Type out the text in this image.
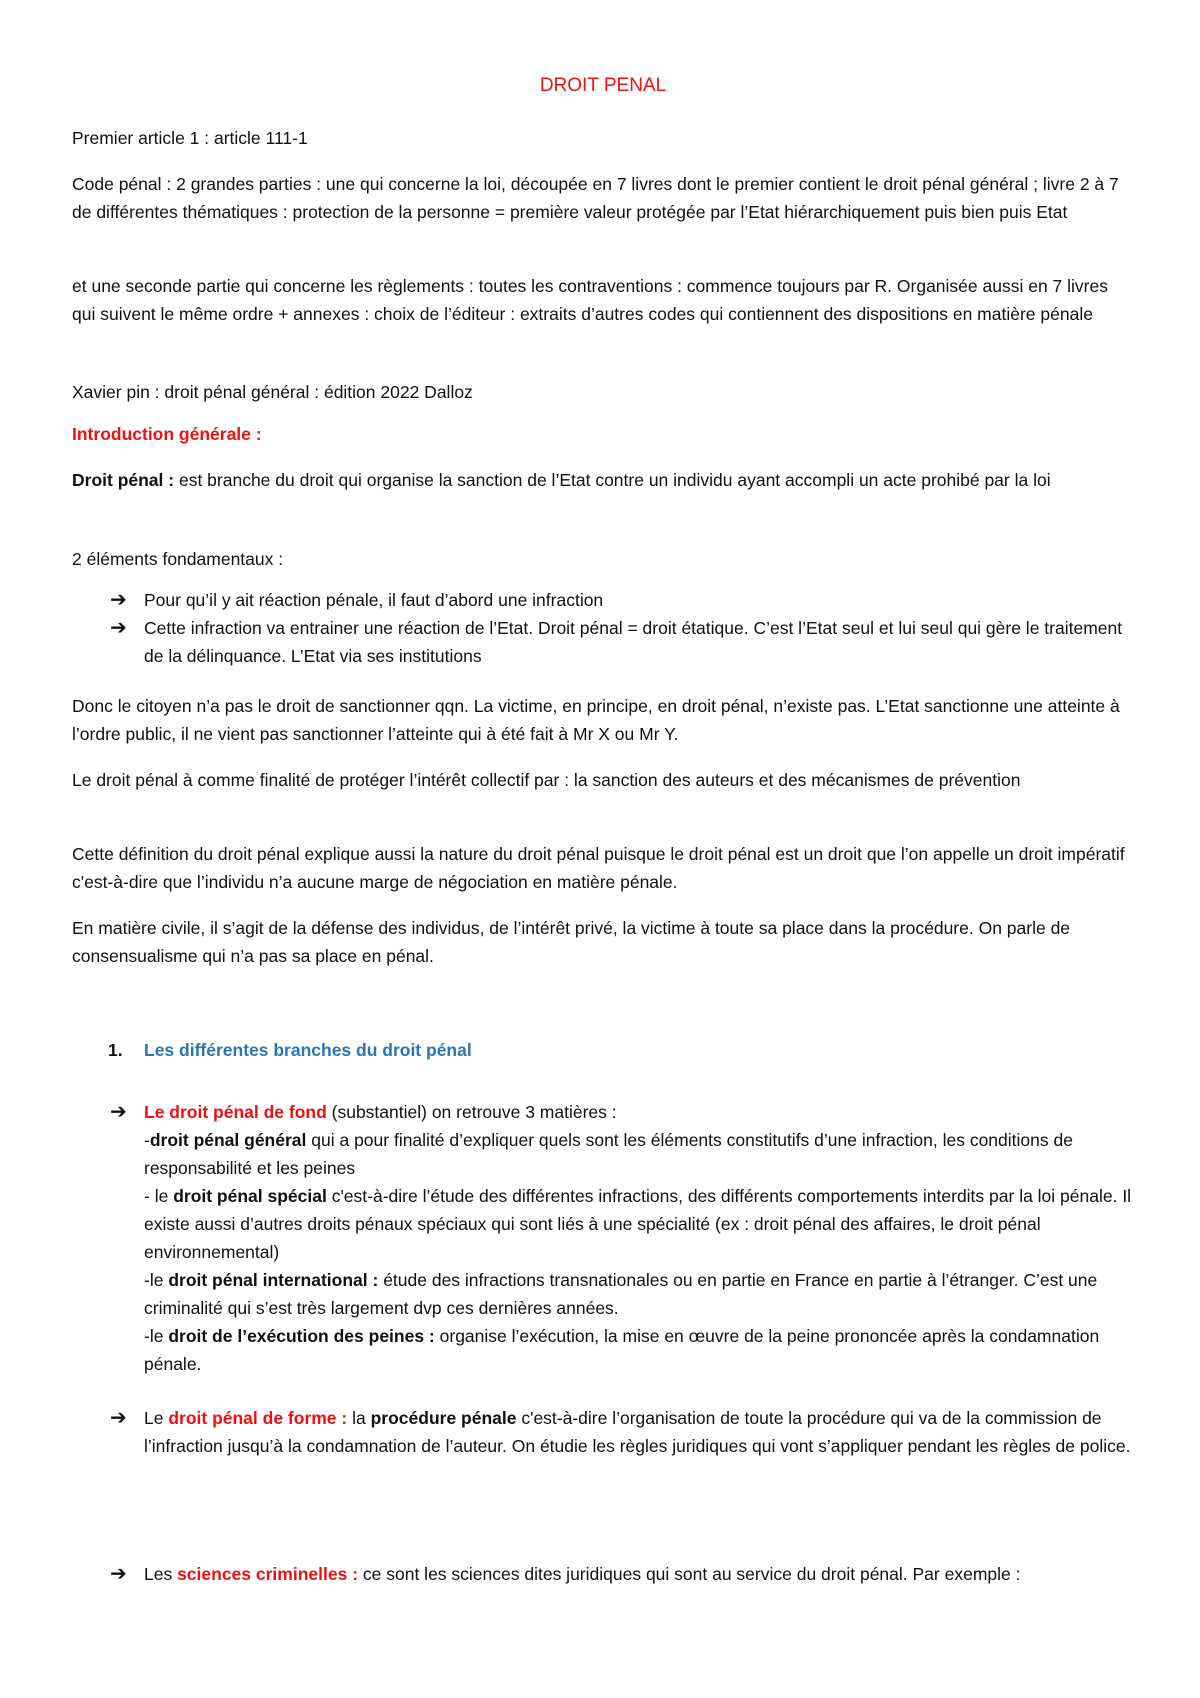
DROIT PENAL

Premier article 1 : article 111-1

Code pénal : 2 grandes parties : une qui concerne la loi, découpée en 7 livres dont le premier contient le droit pénal général ; livre 2 à 7 de différentes thématiques : protection de la personne = première valeur protégée par l’Etat hiérarchiquement puis bien puis Etat

et une seconde partie qui concerne les règlements : toutes les contraventions : commence toujours par R. Organisée aussi en 7 livres qui suivent le même ordre + annexes : choix de l’éditeur : extraits d’autres codes qui contiennent des dispositions en matière pénale

Xavier pin : droit pénal général : édition 2022 Dalloz

Introduction générale :

Droit pénal : est branche du droit qui organise la sanction de l’Etat contre un individu ayant accompli un acte prohibé par la loi

2 éléments fondamentaux :

➔ Pour qu’il y ait réaction pénale, il faut d’abord une infraction

➔ Cette infraction va entrainer une réaction de l’Etat. Droit pénal = droit étatique. C’est l’Etat seul et lui seul qui gère le traitement de la délinquance. L’Etat via ses institutions

Donc le citoyen n’a pas le droit de sanctionner qqn. La victime, en principe, en droit pénal, n’existe pas. L’Etat sanctionne une atteinte à l’ordre public, il ne vient pas sanctionner l’atteinte qui à été fait à Mr X ou Mr Y.

Le droit pénal à comme finalité de protéger l’intérêt collectif par : la sanction des auteurs et des mécanismes de prévention

Cette définition du droit pénal explique aussi la nature du droit pénal puisque le droit pénal est un droit que l’on appelle un droit impératif c'est-à-dire que l’individu n’a aucune marge de négociation en matière pénale.

En matière civile, il s’agit de la défense des individus, de l’intérêt privé, la victime à toute sa place dans la procédure. On parle de consensualisme qui n’a pas sa place en pénal.

1. Les différentes branches du droit pénal
➔ Le droit pénal de fond (substantiel) on retrouve 3 matières :
-droit pénal général qui a pour finalité d’expliquer quels sont les éléments constitutifs d’une infraction, les conditions de responsabilité et les peines
- le droit pénal spécial c'est-à-dire l’étude des différentes infractions, des différents comportements interdits par la loi pénale. Il existe aussi d’autres droits pénaux spéciaux qui sont liés à une spécialité (ex : droit pénal des affaires, le droit pénal environnemental)
-le droit pénal international : étude des infractions transnationales ou en partie en France en partie à l’étranger. C’est une criminalité qui s’est très largement dvp ces dernières années.
-le droit de l’exécution des peines : organise l’exécution, la mise en œuvre de la peine prononcée après la condamnation pénale.
➔ Le droit pénal de forme : la procédure pénale c'est-à-dire l’organisation de toute la procédure qui va de la commission de l’infraction jusqu’à la condamnation de l’auteur. On étudie les règles juridiques qui vont s’appliquer pendant les règles de police.

➔ Les sciences criminelles : ce sont les sciences dites juridiques qui sont au service du droit pénal. Par exemple :
